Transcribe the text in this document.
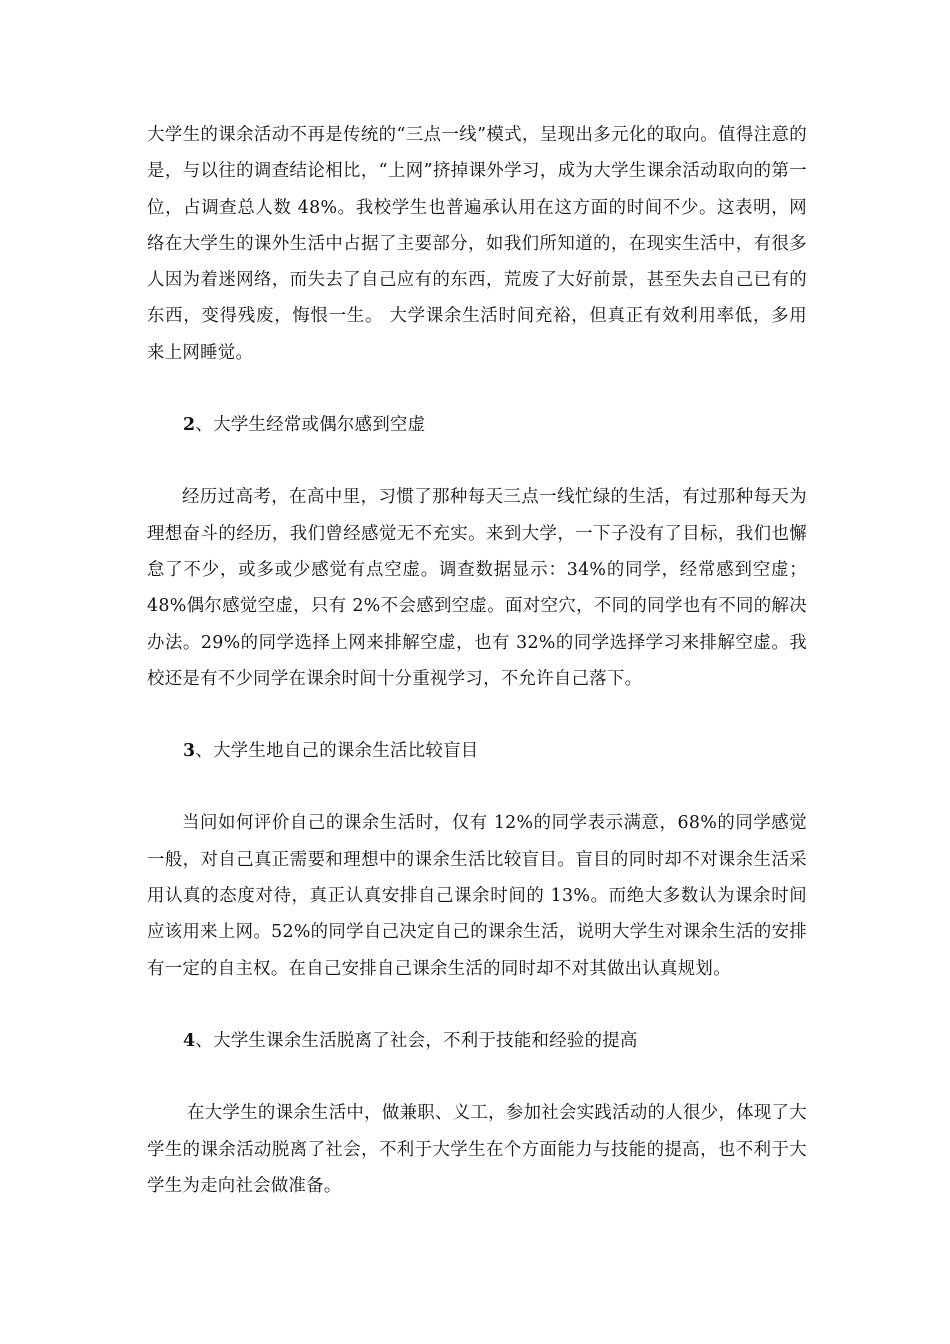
大学生的课余活动不再是传统的“三点一线”模式，呈现出多元化的取向。值得注意的是，与以往的调查结论相比，“上网”挤掉课外学习，成为大学生课余活动取向的第一位，占调查总人数 48%。我校学生也普遍承认用在这方面的时间不少。这表明，网络在大学生的课外生活中占据了主要部分，如我们所知道的，在现实生活中，有很多人因为着迷网络，而失去了自己应有的东西，荒废了大好前景，甚至失去自己已有的东西，变得残废，悔恨一生。 大学课余生活时间充裕，但真正有效利用率低，多用来上网睡觉。

2、大学生经常或偶尔感到空虚

经历过高考，在高中里，习惯了那种每天三点一线忙绿的生活，有过那种每天为理想奋斗的经历，我们曾经感觉无不充实。来到大学，一下子没有了目标，我们也懈怠了不少，或多或少感觉有点空虚。调查数据显示：34%的同学，经常感到空虚；48%偶尔感觉空虚，只有 2%不会感到空虚。面对空穴，不同的同学也有不同的解决办法。29%的同学选择上网来排解空虚，也有 32%的同学选择学习来排解空虚。我校还是有不少同学在课余时间十分重视学习，不允许自己落下。

3、大学生地自己的课余生活比较盲目

当问如何评价自己的课余生活时，仅有 12%的同学表示满意，68%的同学感觉一般，对自己真正需要和理想中的课余生活比较盲目。盲目的同时却不对课余生活采用认真的态度对待，真正认真安排自己课余时间的 13%。而绝大多数认为课余时间应该用来上网。52%的同学自己决定自己的课余生活，说明大学生对课余生活的安排有一定的自主权。在自己安排自己课余生活的同时却不对其做出认真规划。

4、大学生课余生活脱离了社会，不利于技能和经验的提高

在大学生的课余生活中，做兼职、义工，参加社会实践活动的人很少，体现了大学生的课余活动脱离了社会，不利于大学生在个方面能力与技能的提高，也不利于大学生为走向社会做准备。
